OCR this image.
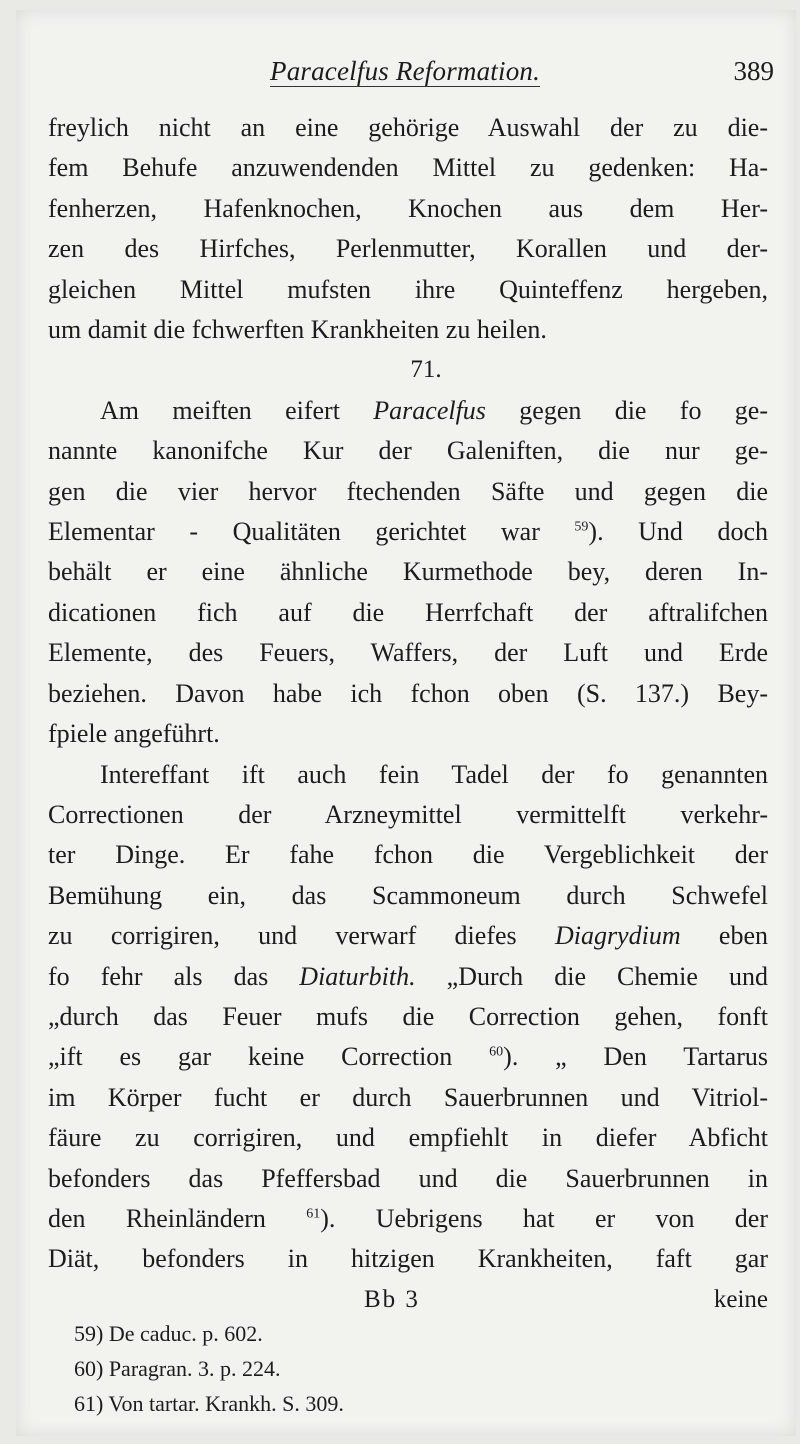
Paracelfus Reformation.	389
freylich nicht an eine gehörige Auswahl der zu die-
fem Behufe anzuwendenden Mittel zu gedenken: Ha-
fenherzen, Hafenknochen, Knochen aus dem Her-
zen des Hirfches, Perlenmutter, Korallen und der-
gleichen Mittel mufsten ihre Quinteffenz hergeben,
um damit die fchwerften Krankheiten zu heilen.
71.
Am meiften eifert Paracelfus gegen die fo ge-
nannte kanonifche Kur der Galeniften, die nur ge-
gen die vier hervor ftechenden Säfte und gegen die
Elementar - Qualitäten gerichtet war $^{59}$). Und doch
behält er eine ähnliche Kurmethode bey, deren In-
dicationen fich auf die Herrfchaft der aftralifchen
Elemente, des Feuers, Waffers, der Luft und Erde
beziehen. Davon habe ich fchon oben (S. 137.) Bey-
fpiele angeführt.
Intereffant ift auch fein Tadel der fo genannten
Correctionen der Arzneymittel vermittelft verkehr-
ter Dinge. Er fahe fchon die Vergeblichkeit der
Bemühung ein, das Scammoneum durch Schwefel
zu corrigiren, und verwarf diefes Diagrydium eben
fo fehr als das Diaturbith. „Durch die Chemie und
„durch das Feuer mufs die Correction gehen, fonft
„ift es gar keine Correction $^{60}$). „ Den Tartarus
im Körper fucht er durch Sauerbrunnen und Vitriol-
fäure zu corrigiren, und empfiehlt in diefer Abficht
befonders das Pfeffersbad und die Sauerbrunnen in
den Rheinländern $^{61}$). Uebrigens hat er von der
Diät, befonders in hitzigen Krankheiten, faft gar
Bb 3	keine
59) De caduc. p. 602.
60) Paragran. 3. p. 224.
61) Von tartar. Krankh. S. 309.
